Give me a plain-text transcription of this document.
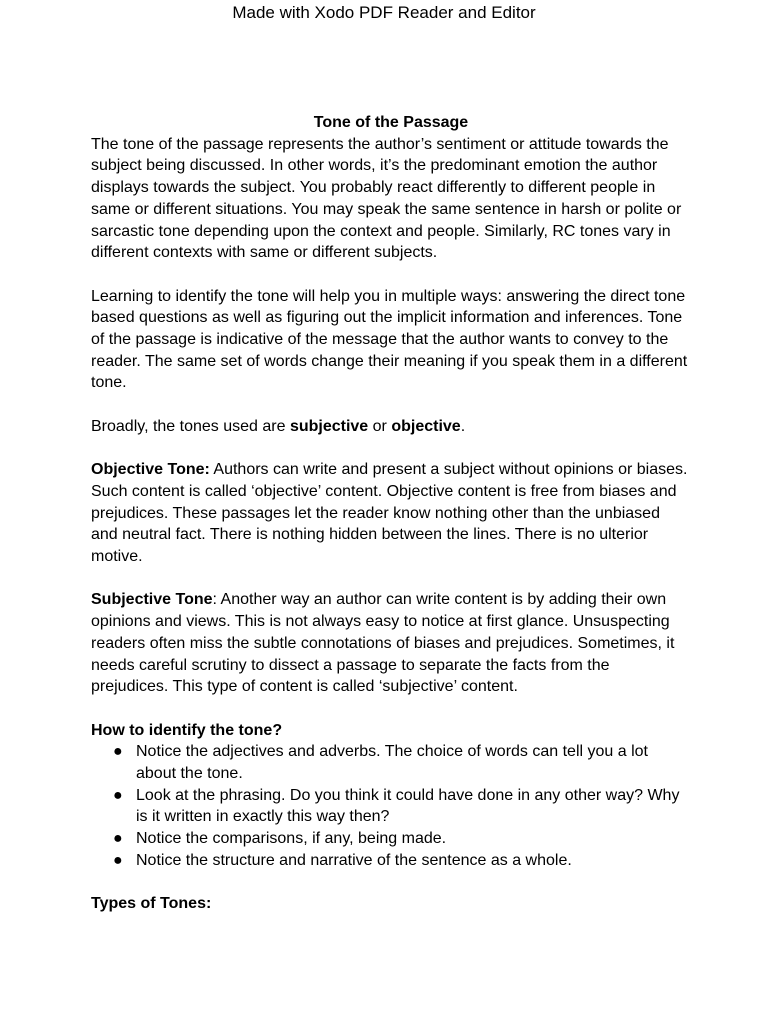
Made with Xodo PDF Reader and Editor

Tone of the Passage

The tone of the passage represents the author’s sentiment or attitude towards the subject being discussed. In other words, it’s the predominant emotion the author displays towards the subject. You probably react differently to different people in same or different situations. You may speak the same sentence in harsh or polite or sarcastic tone depending upon the context and people. Similarly, RC tones vary in different contexts with same or different subjects.

Learning to identify the tone will help you in multiple ways: answering the direct tone based questions as well as figuring out the implicit information and inferences. Tone of the passage is indicative of the message that the author wants to convey to the reader. The same set of words change their meaning if you speak them in a different tone.

Broadly, the tones used are subjective or objective.

Objective Tone: Authors can write and present a subject without opinions or biases. Such content is called ‘objective’ content. Objective content is free from biases and prejudices. These passages let the reader know nothing other than the unbiased and neutral fact. There is nothing hidden between the lines. There is no ulterior motive.

Subjective Tone: Another way an author can write content is by adding their own opinions and views. This is not always easy to notice at first glance. Unsuspecting readers often miss the subtle connotations of biases and prejudices. Sometimes, it needs careful scrutiny to dissect a passage to separate the facts from the prejudices. This type of content is called ‘subjective’ content.

How to identify the tone?

● Notice the adjectives and adverbs. The choice of words can tell you a lot about the tone.
● Look at the phrasing. Do you think it could have done in any other way? Why is it written in exactly this way then?
● Notice the comparisons, if any, being made.
● Notice the structure and narrative of the sentence as a whole.

Types of Tones:
